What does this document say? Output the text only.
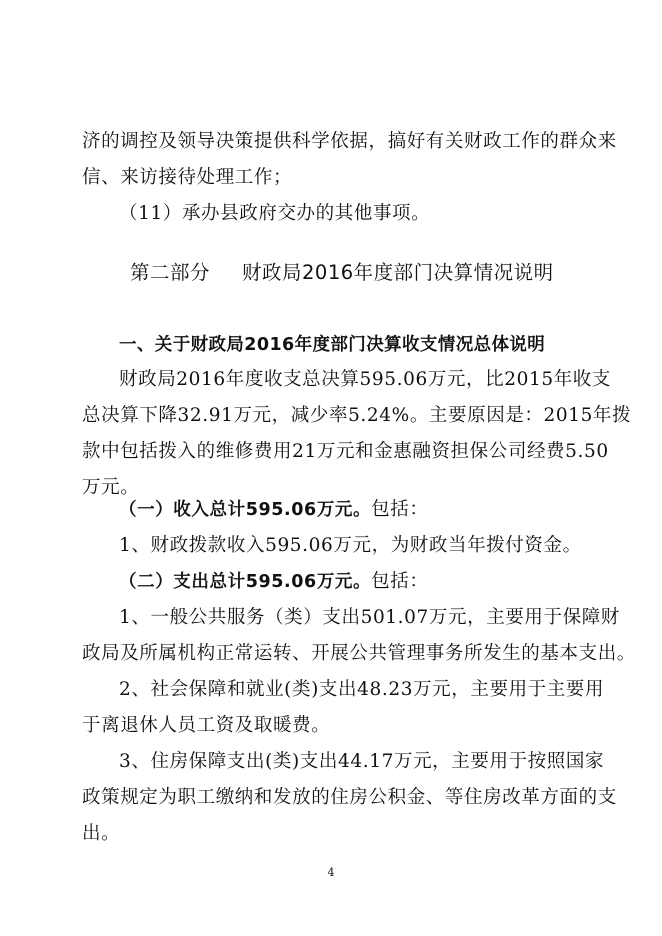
济的调控及领导决策提供科学依据，搞好有关财政工作的群众来
信、来访接待处理工作；
（11）承办县政府交办的其他事项。
第二部分 财政局2016年度部门决算情况说明
一、关于财政局2016年度部门决算收支情况总体说明
财政局2016年度收支总决算595.06万元，比2015年收支
总决算下降32.91万元，减少率5.24%。主要原因是：2015年拨
款中包括拨入的维修费用21万元和金惠融资担保公司经费5.50
万元。
（一）收入总计595.06万元。包括：
1、财政拨款收入595.06万元，为财政当年拨付资金。
（二）支出总计595.06万元。包括：
1、一般公共服务（类）支出501.07万元，主要用于保障财
政局及所属机构正常运转、开展公共管理事务所发生的基本支出。
2、社会保障和就业(类)支出48.23万元，主要用于主要用
于离退休人员工资及取暖费。
3、住房保障支出(类)支出44.17万元，主要用于按照国家
政策规定为职工缴纳和发放的住房公积金、等住房改革方面的支
出。
4
